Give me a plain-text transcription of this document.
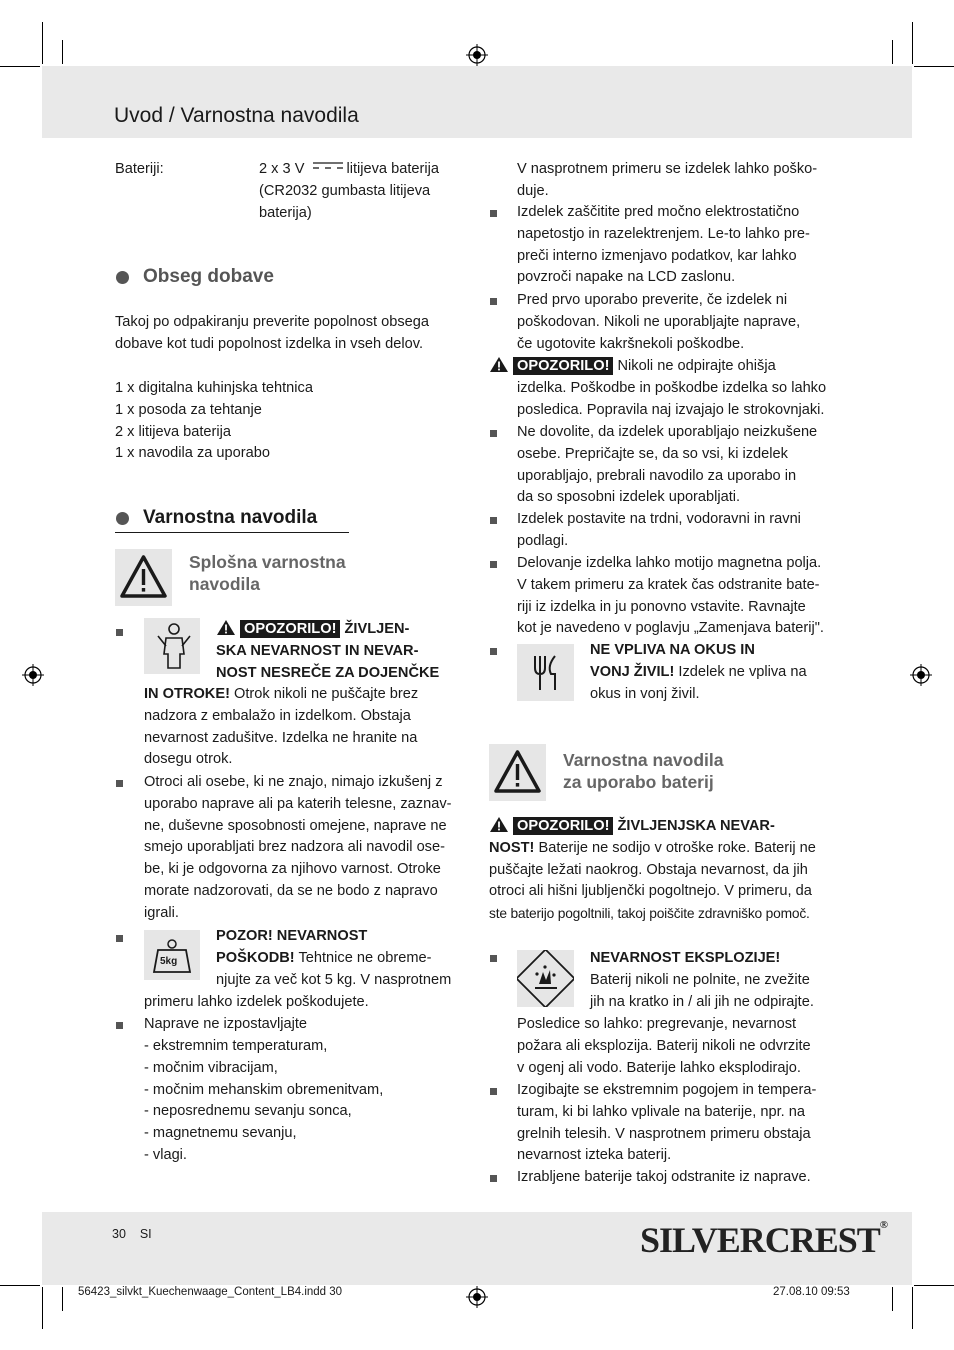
Uvod / Varnostna navodila
Bateriji:	2 x 3 V	litijeva baterija
(CR2032 gumbasta litijeva
baterija)
Obseg dobave
Takoj po odpakiranju preverite popolnost obsega
dobave kot tudi popolnost izdelka in vseh delov.
1 x digitalna kuhinjska tehtnica
1 x posoda za tehtanje
2 x litijeva baterija
1 x navodila za uporabo
Varnostna navodila
Splošna varnostna
navodila
OPOZORILO! ŽIVLJEN-
SKA NEVARNOST IN NEVAR-
NOST NESREČE ZA DOJENČKE
IN OTROKE! Otrok nikoli ne puščajte brez
nadzora z embalažo in izdelkom. Obstaja
nevarnost zadušitve. Izdelka ne hranite na
dosegu otrok.
Otroci ali osebe, ki ne znajo, nimajo izkušenj z
uporabo naprave ali pa katerih telesne, zaznav-
ne, duševne sposobnosti omejene, naprave ne
smejo uporabljati brez nadzora ali navodil ose-
be, ki je odgovorna za njihovo varnost. Otroke
morate nadzorovati, da se ne bodo z napravo
igrali.
5kg
POZOR! NEVARNOST
POŠKODB! Tehtnice ne obreme-
njujte za več kot 5 kg. V nasprotnem
primeru lahko izdelek poškodujete.
Naprave ne izpostavljajte
- ekstremnim temperaturam,
- močnim vibracijam,
- močnim mehanskim obremenitvam,
- neposrednemu sevanju sonca,
- magnetnemu sevanju,
- vlagi.
V nasprotnem primeru se izdelek lahko poško-
duje.
Izdelek zaščitite pred močno elektrostatično
napetostjo in razelektrenjem. Le-to lahko pre-
preči interno izmenjavo podatkov, kar lahko
povzroči napake na LCD zaslonu.
Pred prvo uporabo preverite, če izdelek ni
poškodovan. Nikoli ne uporabljajte naprave,
če ugotovite kakršnekoli poškodbe.
OPOZORILO! Nikoli ne odpirajte ohišja
izdelka. Poškodbe in poškodbe izdelka so lahko
posledica. Popravila naj izvajajo le strokovnjaki.
Ne dovolite, da izdelek uporabljajo neizkušene
osebe. Prepričajte se, da so vsi, ki izdelek
uporabljajo, prebrali navodilo za uporabo in
da so sposobni izdelek uporabljati.
Izdelek postavite na trdni, vodoravni in ravni
podlagi.
Delovanje izdelka lahko motijo magnetna polja.
V takem primeru za kratek čas odstranite bate-
riji iz izdelka in ju ponovno vstavite. Ravnajte
kot je navedeno v poglavju „Zamenjava baterij".
NE VPLIVA NA OKUS IN
VONJ ŽIVIL! Izdelek ne vpliva na
okus in vonj živil.
Varnostna navodila
za uporabo baterij
OPOZORILO! ŽIVLJENJSKA NEVAR-
NOST! Baterije ne sodijo v otroške roke. Baterij ne
puščajte ležati naokrog. Obstaja nevarnost, da jih
otroci ali hišni ljubljenčki pogoltnejo. V primeru, da
ste baterijo pogoltnili, takoj poiščite zdravniško pomoč.
NEVARNOST EKSPLOZIJE!
Baterij nikoli ne polnite, ne zvežite
jih na kratko in / ali jih ne odpirajte.
Posledice so lahko: pregrevanje, nevarnost
požara ali eksplozija. Baterij nikoli ne odvrzite
v ogenj ali vodo. Baterije lahko eksplodirajo.
Izogibajte se ekstremnim pogojem in tempera-
turam, ki bi lahko vplivale na baterije, npr. na
grelnih telesih. V nasprotnem primeru obstaja
nevarnost izteka baterij.
Izrabljene baterije takoj odstranite iz naprave.
30 SI	SILVERCREST®
56423_silvkt_Kuechenwaage_Content_LB4.indd 30	27.08.10 09:53
